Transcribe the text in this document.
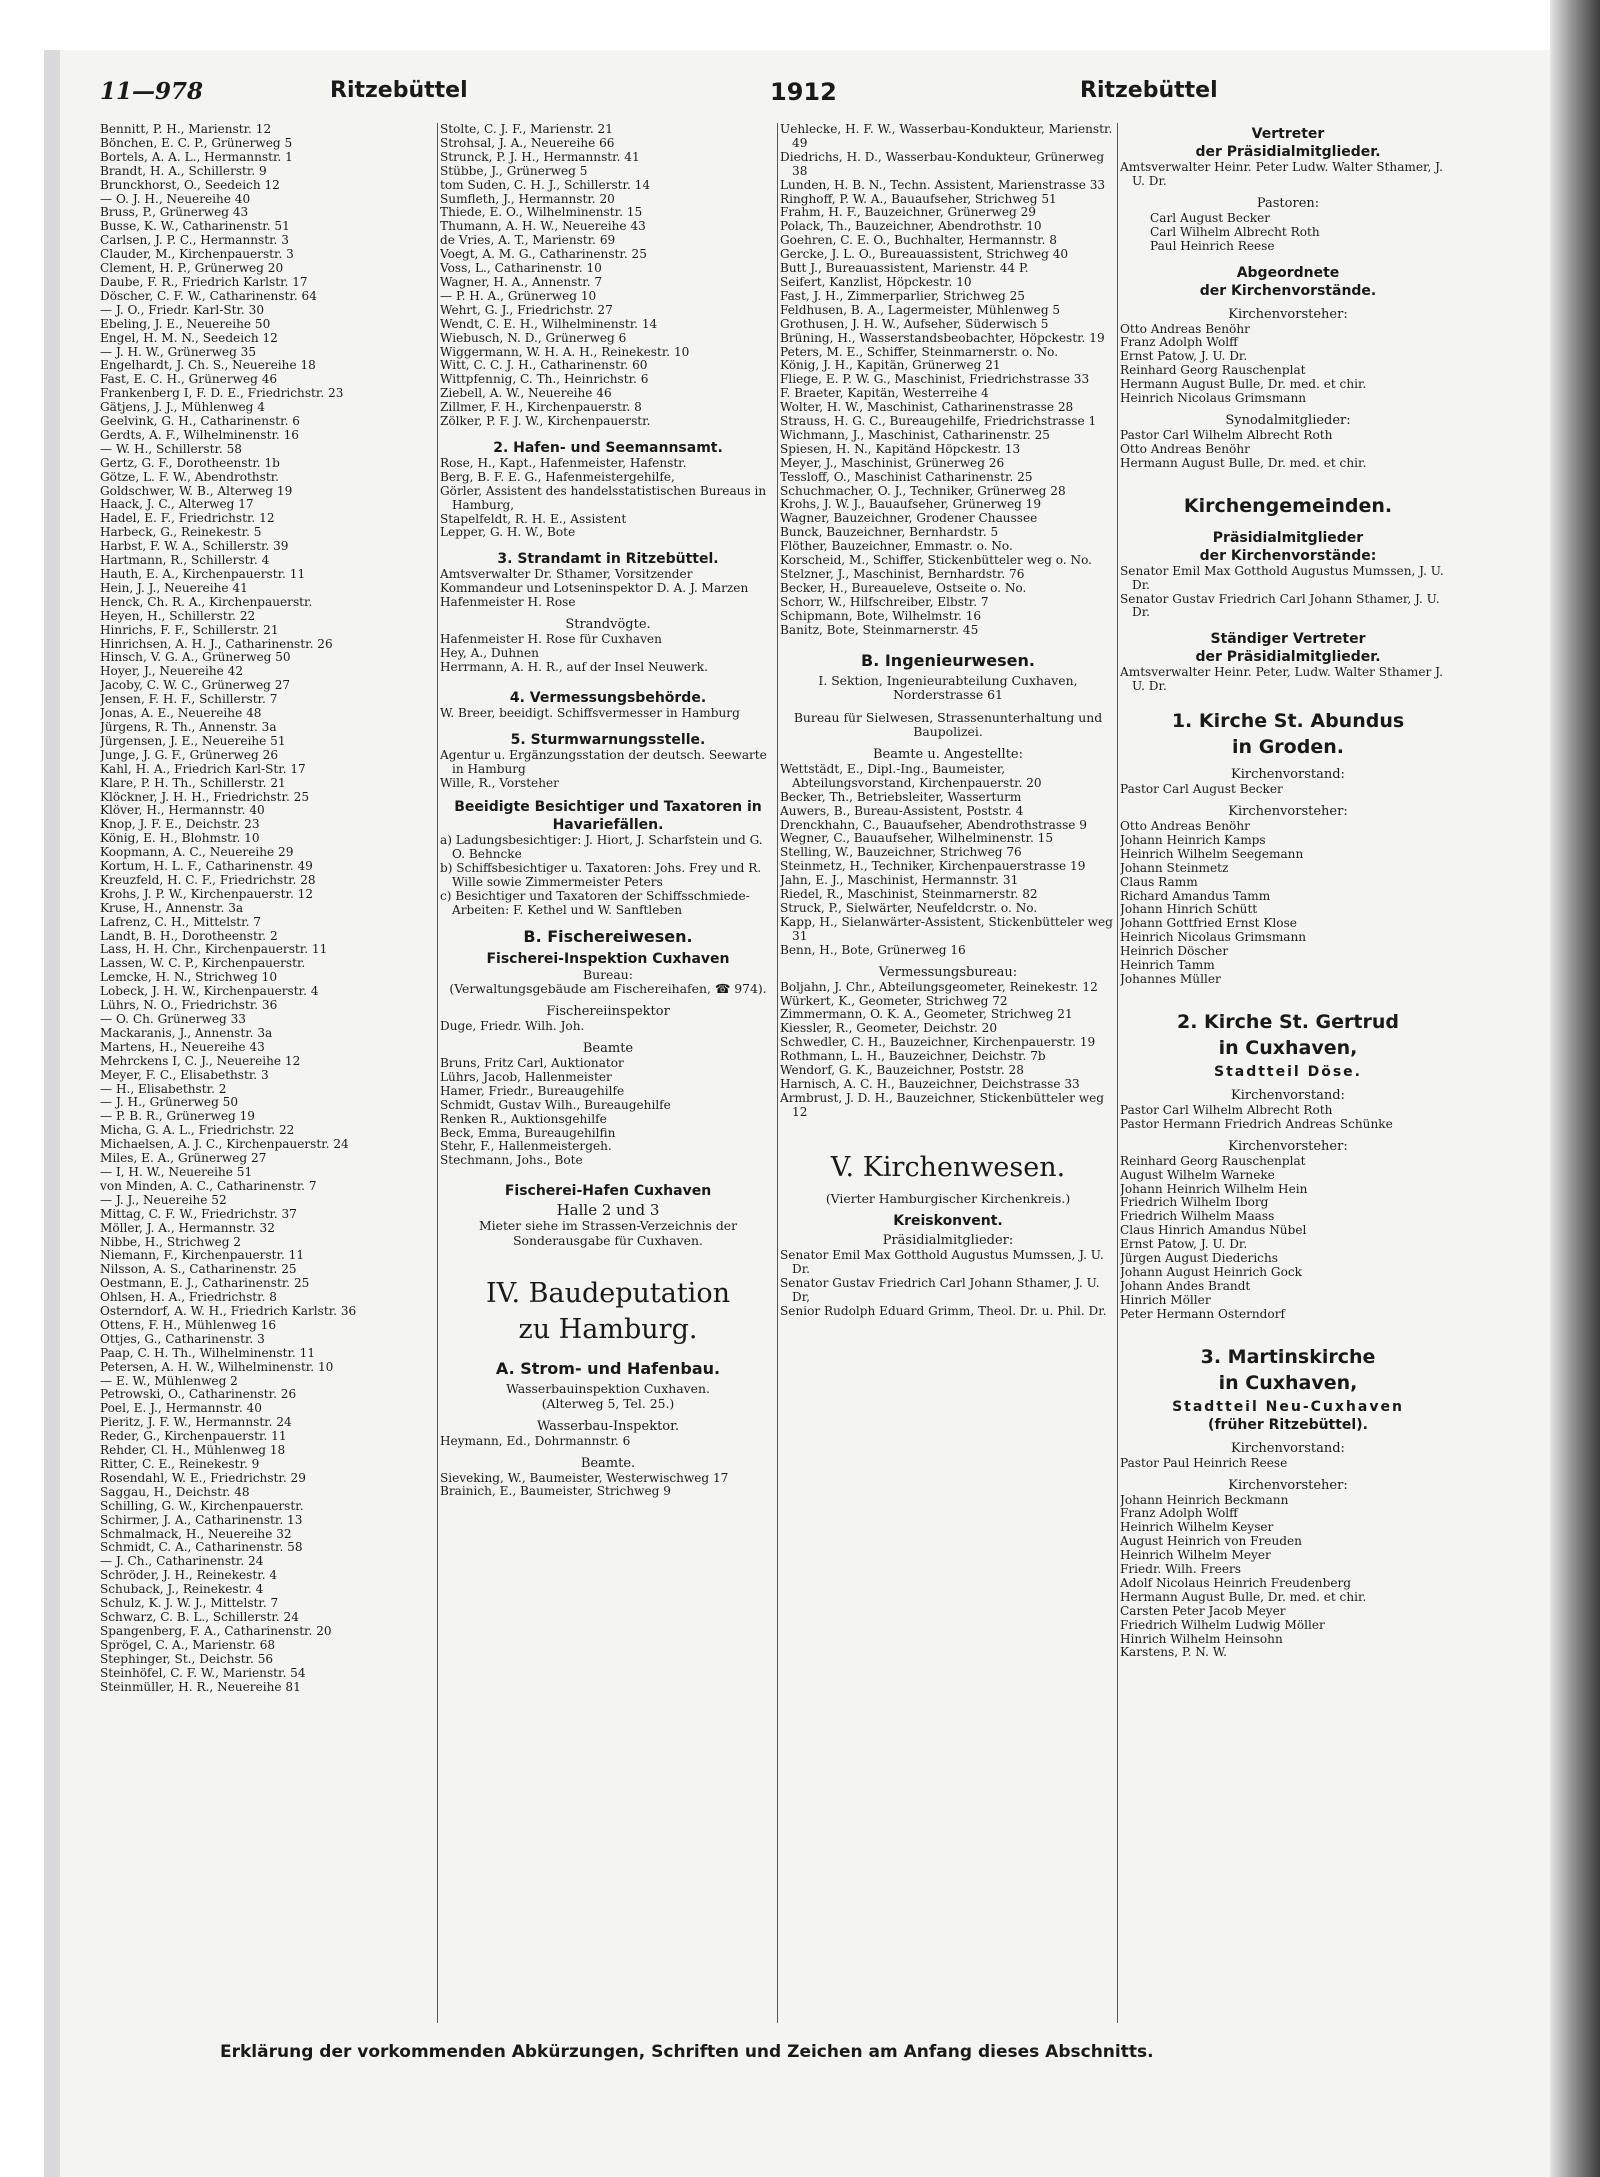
11—978	Ritzebüttel	1912	Ritzebüttel
Bennitt, P. H., Marienstr. 12
Bönchen, E. C. P., Grünerweg 5
Bortels, A. A. L., Hermannstr. 1
Brandt, H. A., Schillerstr. 9
Brunckhorst, O., Seedeich 12
— O. J. H., Neuereihe 40
Bruss, P., Grünerweg 43
Busse, K. W., Catharinenstr. 51
Carlsen, J. P. C., Hermannstr. 3
Clauder, M., Kirchenpauerstr. 3
Clement, H. P., Grünerweg 20
Daube, F. R., Friedrich Karlstr. 17
Döscher, C. F. W., Catharinenstr. 64
— J. O., Friedr. Karl-Str. 30
Ebeling, J. E., Neuereihe 50
Engel, H. M. N., Seedeich 12
— J. H. W., Grünerweg 35
Engelhardt, J. Ch. S., Neuereihe 18
Fast, E. C. H., Grünerweg 46
Frankenberg I, F. D. E., Friedrichstr. 23
Gätjens, J. J., Mühlenweg 4
Geelvink, G. H., Catharinenstr. 6
Gerdts, A. F., Wilhelminenstr. 16
— W. H., Schillerstr. 58
Gertz, G. F., Dorotheenstr. 1b
Götze, L. F. W., Abendrothstr.
Goldschwer, W. B., Alterweg 19
Haack, J. C., Alterweg 17
Hadel, E. F., Friedrichstr. 12
Harbeck, G., Reinekestr. 5
Harbst, F. W. A., Schillerstr. 39
Hartmann, R., Schillerstr. 4
Hauth, E. A., Kirchenpauerstr. 11
Hein, J. J., Neuereihe 41
Henck, Ch. R. A., Kirchenpauerstr.
Heyen, H., Schillerstr. 22
Hinrichs, F. F., Schillerstr. 21
Hinrichsen, A. H. J., Catharinenstr. 26
Hinsch, V. G. A., Grünerweg 50
Hoyer, J., Neuereihe 42
Jacoby, C. W. C., Grünerweg 27
Jensen, F. H. F., Schillerstr. 7
Jonas, A. E., Neuereihe 48
Jürgens, R. Th., Annenstr. 3a
Jürgensen, J. E., Neuereihe 51
Junge, J. G. F., Grünerweg 26
Kahl, H. A., Friedrich Karl-Str. 17
Klare, P. H. Th., Schillerstr. 21
Klöckner, J. H. H., Friedrichstr. 25
Klöver, H., Hermannstr. 40
Knop, J. F. E., Deichstr. 23
König, E. H., Blohmstr. 10
Koopmann, A. C., Neuereihe 29
Kortum, H. L. F., Catharinenstr. 49
Kreuzfeld, H. C. F., Friedrichstr. 28
Krohs, J. P. W., Kirchenpauerstr. 12
Kruse, H., Annenstr. 3a
Lafrenz, C. H., Mittelstr. 7
Landt, B. H., Dorotheenstr. 2
Lass, H. H. Chr., Kirchenpauerstr. 11
Lassen, W. C. P., Kirchenpauerstr.
Lemcke, H. N., Strichweg 10
Lobeck, J. H. W., Kirchenpauerstr. 4
Lührs, N. O., Friedrichstr. 36
— O. Ch. Grünerweg 33
Mackaranis, J., Annenstr. 3a
Martens, H., Neuereihe 43
Mehrckens I, C. J., Neuereihe 12
Meyer, F. C., Elisabethstr. 3
— H., Elisabethstr. 2
— J. H., Grünerweg 50
— P. B. R., Grünerweg 19
Micha, G. A. L., Friedrichstr. 22
Michaelsen, A. J. C., Kirchenpauerstr. 24
Miles, E. A., Grünerweg 27
— I, H. W., Neuereihe 51
von Minden, A. C., Catharinenstr. 7
— J. J., Neuereihe 52
Mittag, C. F. W., Friedrichstr. 37
Möller, J. A., Hermannstr. 32
Nibbe, H., Strichweg 2
Niemann, F., Kirchenpauerstr. 11
Nilsson, A. S., Catharinenstr. 25
Oestmann, E. J., Catharinenstr. 25
Ohlsen, H. A., Friedrichstr. 8
Osterndorf, A. W. H., Friedrich Karlstr. 36
Ottens, F. H., Mühlenweg 16
Ottjes, G., Catharinenstr. 3
Paap, C. H. Th., Wilhelminenstr. 11
Petersen, A. H. W., Wilhelminenstr. 10
— E. W., Mühlenweg 2
Petrowski, O., Catharinenstr. 26
Poel, E. J., Hermannstr. 40
Pieritz, J. F. W., Hermannstr. 24
Reder, G., Kirchenpauerstr. 11
Rehder, Cl. H., Mühlenweg 18
Ritter, C. E., Reinekestr. 9
Rosendahl, W. E., Friedrichstr. 29
Saggau, H., Deichstr. 48
Schilling, G. W., Kirchenpauerstr.
Schirmer, J. A., Catharinenstr. 13
Schmalmack, H., Neuereihe 32
Schmidt, C. A., Catharinenstr. 58
— J. Ch., Catharinenstr. 24
Schröder, J. H., Reinekestr. 4
Schuback, J., Reinekestr. 4
Schulz, K. J. W. J., Mittelstr. 7
Schwarz, C. B. L., Schillerstr. 24
Spangenberg, F. A., Catharinenstr. 20
Sprögel, C. A., Marienstr. 68
Stephinger, St., Deichstr. 56
Steinhöfel, C. F. W., Marienstr. 54
Steinmüller, H. R., Neuereihe 81
Stolte, C. J. F., Marienstr. 21
Strohsal, J. A., Neuereihe 66
Strunck, P. J. H., Hermannstr. 41
Stübbe, J., Grünerweg 5
tom Suden, C. H. J., Schillerstr. 14
Sumfleth, J., Hermannstr. 20
Thiede, E. O., Wilhelminenstr. 15
Thumann, A. H. W., Neuereihe 43
de Vries, A. T., Marienstr. 69
Voegt, A. M. G., Catharinenstr. 25
Voss, L., Catharinenstr. 10
Wagner, H. A., Annenstr. 7
— P. H. A., Grünerweg 10
Wehrt, G. J., Friedrichstr. 27
Wendt, C. E. H., Wilhelminenstr. 14
Wiebusch, N. D., Grünerweg 6
Wiggermann, W. H. A. H., Reinekestr. 10
Witt, C. C. J. H., Catharinenstr. 60
Wittpfennig, C. Th., Heinrichstr. 6
Ziebell, A. W., Neuereihe 46
Zillmer, F. H., Kirchenpauerstr. 8
Zölker, P. F. J. W., Kirchenpauerstr.
2. Hafen- und Seemannsamt.
Rose, H., Kapt., Hafenmeister, Hafenstr.
Berg, B. F. E. G., Hafenmeistergehilfe,
Görler, Assistent des handelsstatistischen Bureaus in Hamburg,
Stapelfeldt, R. H. E., Assistent
Lepper, G. H. W., Bote
3. Strandamt in Ritzebüttel.
Amtsverwalter Dr. Sthamer, Vorsitzender
Kommandeur und Lotseninspektor D. A. J. Marzen
Hafenmeister H. Rose
Strandvögte.
Hafenmeister H. Rose für Cuxhaven
Hey, A., Duhnen
Herrmann, A. H. R., auf der Insel Neuwerk.
4. Vermessungsbehörde.
W. Breer, beeidigt. Schiffsvermesser in Hamburg
5. Sturmwarnungsstelle.
Agentur u. Ergänzungsstation der deutsch. Seewarte in Hamburg
Wille, R., Vorsteher
Beeidigte Besichtiger und Taxatoren in Havariefällen.
a) Ladungsbesichtiger: J. Hiort, J. Scharfstein und G. O. Behncke
b) Schiffsbesichtiger u. Taxatoren: Johs. Frey und R. Wille sowie Zimmermeister Peters
c) Besichtiger und Taxatoren der Schiffsschmiede-Arbeiten: F. Kethel und W. Sanftleben
B. Fischereiwesen.
Fischerei-Inspektion Cuxhaven
Bureau:
(Verwaltungsgebäude am Fischereihafen, ☎ 974).
Fischereiinspektor
Duge, Friedr. Wilh. Joh.
Beamte
Bruns, Fritz Carl, Auktionator
Lührs, Jacob, Hallenmeister
Hamer, Friedr., Bureaugehilfe
Schmidt, Gustav Wilh., Bureaugehilfe
Renken R., Auktionsgehilfe
Beck, Emma, Bureaugehilfin
Stehr, F., Hallenmeistergeh.
Stechmann, Johs., Bote
Fischerei-Hafen Cuxhaven
Halle 2 und 3
Mieter siehe im Strassen-Verzeichnis der Sonderausgabe für Cuxhaven.
IV. Baudeputation
zu Hamburg.
A. Strom- und Hafenbau.
Wasserbauinspektion Cuxhaven.
(Alterweg 5, Tel. 25.)
Wasserbau-Inspektor.
Heymann, Ed., Dohrmannstr. 6
Beamte.
Sieveking, W., Baumeister, Westerwischweg 17
Brainich, E., Baumeister, Strichweg 9
Uehlecke, H. F. W., Wasserbau-Kondukteur, Marienstr. 49
Diedrichs, H. D., Wasserbau-Kondukteur, Grünerweg 38
Lunden, H. B. N., Techn. Assistent, Marienstrasse 33
Ringhoff, P. W. A., Bauaufseher, Strichweg 51
Frahm, H. F., Bauzeichner, Grünerweg 29
Polack, Th., Bauzeichner, Abendrothstr. 10
Goehren, C. E. O., Buchhalter, Hermannstr. 8
Gercke, J. L. O., Bureauassistent, Strichweg 40
Butt J., Bureauassistent, Marienstr. 44 P.
Seifert, Kanzlist, Höpckestr. 10
Fast, J. H., Zimmerparlier, Strichweg 25
Feldhusen, B. A., Lagermeister, Mühlenweg 5
Grothusen, J. H. W., Aufseher, Süderwisch 5
Brüning, H., Wasserstandsbeobachter, Höpckestr. 19
Peters, M. E., Schiffer, Steinmarnerstr. o. No.
König, J. H., Kapitän, Grünerweg 21
Fliege, E. P. W. G., Maschinist, Friedrichstrasse 33
F. Braeter, Kapitän, Westerreihe 4
Wolter, H. W., Maschinist, Catharinenstrasse 28
Strauss, H. G. C., Bureaugehilfe, Friedrichstrasse 1
Wichmann, J., Maschinist, Catharinenstr. 25
Spiesen, H. N., Kapitänd Höpckestr. 13
Meyer, J., Maschinist, Grünerweg 26
Tessloff, O., Maschinist Catharinenstr. 25
Schuchmacher, O. J., Techniker, Grünerweg 28
Krohs, J. W. J., Bauaufseher, Grünerweg 19
Wagner, Bauzeichner, Grodener Chaussee
Bunck, Bauzeichner, Bernhardstr. 5
Flöther, Bauzeichner, Emmastr. o. No.
Korscheid, M., Schiffer, Stickenbütteler weg o. No.
Stelzner, J., Maschinist, Bernhardstr. 76
Becker, H., Bureaueleve, Ostseite o. No.
Schorr, W., Hilfschreiber, Elbstr. 7
Schipmann, Bote, Wilhelmstr. 16
Banitz, Bote, Steinmarnerstr. 45
B. Ingenieurwesen.
I. Sektion, Ingenieurabteilung Cuxhaven, Norderstrasse 61
Bureau für Sielwesen, Strassenunterhaltung und Baupolizei.
Beamte u. Angestellte:
Wettstädt, E., Dipl.-Ing., Baumeister, Abteilungsvorstand, Kirchenpauerstr. 20
Becker, Th., Betriebsleiter, Wasserturm
Auwers, B., Bureau-Assistent, Poststr. 4
Drenckhahn, C., Bauaufseher, Abendrothstrasse 9
Wegner, C., Bauaufseher, Wilhelminenstr. 15
Stelling, W., Bauzeichner, Strichweg 76
Steinmetz, H., Techniker, Kirchenpauerstrasse 19
Jahn, E. J., Maschinist, Hermannstr. 31
Riedel, R., Maschinist, Steinmarnerstr. 82
Struck, P., Sielwärter, Neufeldcrstr. o. No.
Kapp, H., Sielanwärter-Assistent, Stickenbütteler weg 31
Benn, H., Bote, Grünerweg 16
Vermessungsbureau:
Boljahn, J. Chr., Abteilungsgeometer, Reinekestr. 12
Würkert, K., Geometer, Strichweg 72
Zimmermann, O. K. A., Geometer, Strichweg 21
Kiessler, R., Geometer, Deichstr. 20
Schwedler, C. H., Bauzeichner, Kirchenpauerstr. 19
Rothmann, L. H., Bauzeichner, Deichstr. 7b
Wendorf, G. K., Bauzeichner, Poststr. 28
Harnisch, A. C. H., Bauzeichner, Deichstrasse 33
Armbrust, J. D. H., Bauzeichner, Stickenbütteler weg 12
V. Kirchenwesen.
(Vierter Hamburgischer Kirchenkreis.)
Kreiskonvent.
Präsidialmitglieder:
Senator Emil Max Gotthold Augustus Mumssen, J. U. Dr.
Senator Gustav Friedrich Carl Johann Sthamer, J. U. Dr,
Senior Rudolph Eduard Grimm, Theol. Dr. u. Phil. Dr.
Vertreter
der Präsidialmitglieder.
Amtsverwalter Heinr. Peter Ludw. Walter Sthamer, J. U. Dr.
Pastoren:
Carl August Becker
Carl Wilhelm Albrecht Roth
Paul Heinrich Reese
Abgeordnete
der Kirchenvorstände.
Kirchenvorsteher:
Otto Andreas Benöhr
Franz Adolph Wolff
Ernst Patow, J. U. Dr.
Reinhard Georg Rauschenplat
Hermann August Bulle, Dr. med. et chir.
Heinrich Nicolaus Grimsmann
Synodalmitglieder:
Pastor Carl Wilhelm Albrecht Roth
Otto Andreas Benöhr
Hermann August Bulle, Dr. med. et chir.
Kirchengemeinden.
Präsidialmitglieder
der Kirchenvorstände:
Senator Emil Max Gotthold Augustus Mumssen, J. U. Dr.
Senator Gustav Friedrich Carl Johann Sthamer, J. U. Dr.
Ständiger Vertreter
der Präsidialmitglieder.
Amtsverwalter Heinr. Peter, Ludw. Walter Sthamer J. U. Dr.
1. Kirche St. Abundus
in Groden.
Kirchenvorstand:
Pastor Carl August Becker
Kirchenvorsteher:
Otto Andreas Benöhr
Johann Heinrich Kamps
Heinrich Wilhelm Seegemann
Johann Steinmetz
Claus Ramm
Richard Amandus Tamm
Johann Hinrich Schütt
Johann Gottfried Ernst Klose
Heinrich Nicolaus Grimsmann
Heinrich Döscher
Heinrich Tamm
Johannes Müller
2. Kirche St. Gertrud
in Cuxhaven,
Stadtteil Döse.
Kirchenvorstand:
Pastor Carl Wilhelm Albrecht Roth
Pastor Hermann Friedrich Andreas Schünke
Kirchenvorsteher:
Reinhard Georg Rauschenplat
August Wilhelm Warneke
Johann Heinrich Wilhelm Hein
Friedrich Wilhelm Iborg
Friedrich Wilhelm Maass
Claus Hinrich Amandus Nübel
Ernst Patow, J. U. Dr.
Jürgen August Diederichs
Johann August Heinrich Gock
Johann Andes Brandt
Hinrich Möller
Peter Hermann Osterndorf
3. Martinskirche
in Cuxhaven,
Stadtteil Neu-Cuxhaven
(früher Ritzebüttel).
Kirchenvorstand:
Pastor Paul Heinrich Reese
Kirchenvorsteher:
Johann Heinrich Beckmann
Franz Adolph Wolff
Heinrich Wilhelm Keyser
August Heinrich von Freuden
Heinrich Wilhelm Meyer
Friedr. Wilh. Freers
Adolf Nicolaus Heinrich Freudenberg
Hermann August Bulle, Dr. med. et chir.
Carsten Peter Jacob Meyer
Friedrich Wilhelm Ludwig Möller
Hinrich Wilhelm Heinsohn
Karstens, P. N. W.
Erklärung der vorkommenden Abkürzungen, Schriften und Zeichen am Anfang dieses Abschnitts.
